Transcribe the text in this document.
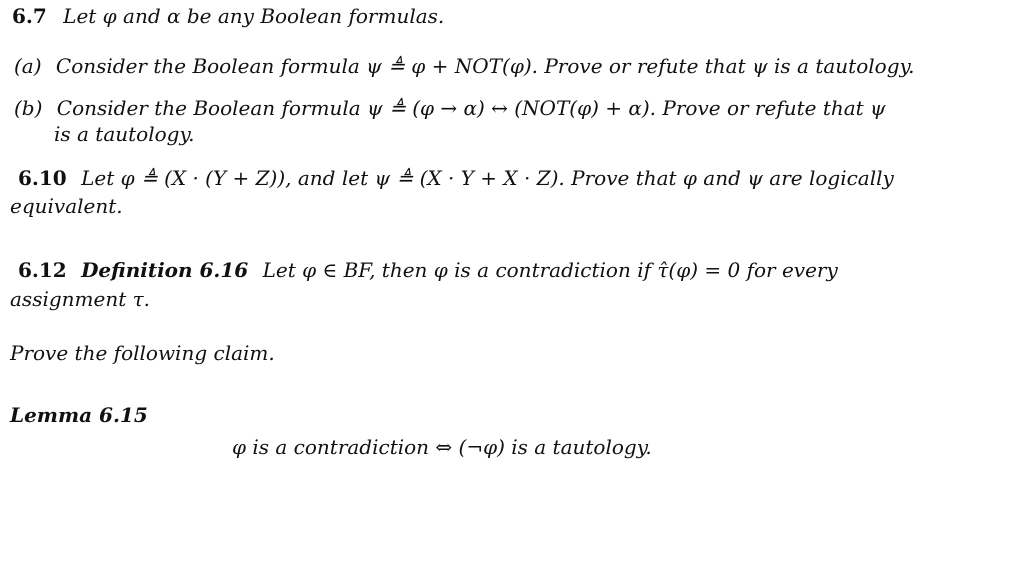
6.7 Let φ and α be any Boolean formulas.
(a) Consider the Boolean formula ψ ≜ φ + NOT(φ). Prove or refute that ψ is a tautology.
(b) Consider the Boolean formula ψ ≜ (φ → α) ↔ (NOT(φ) + α). Prove or refute that ψ
is a tautology.
6.10 Let φ ≜ (X · (Y + Z)), and let ψ ≜ (X · Y + X · Z). Prove that φ and ψ are logically
equivalent.
6.12 Definition 6.16 Let φ ∈ BF, then φ is a contradiction if τ̂(φ) = 0 for every
assignment τ.
Prove the following claim.
Lemma 6.15
φ is a contradiction ⇔ (¬φ) is a tautology.
